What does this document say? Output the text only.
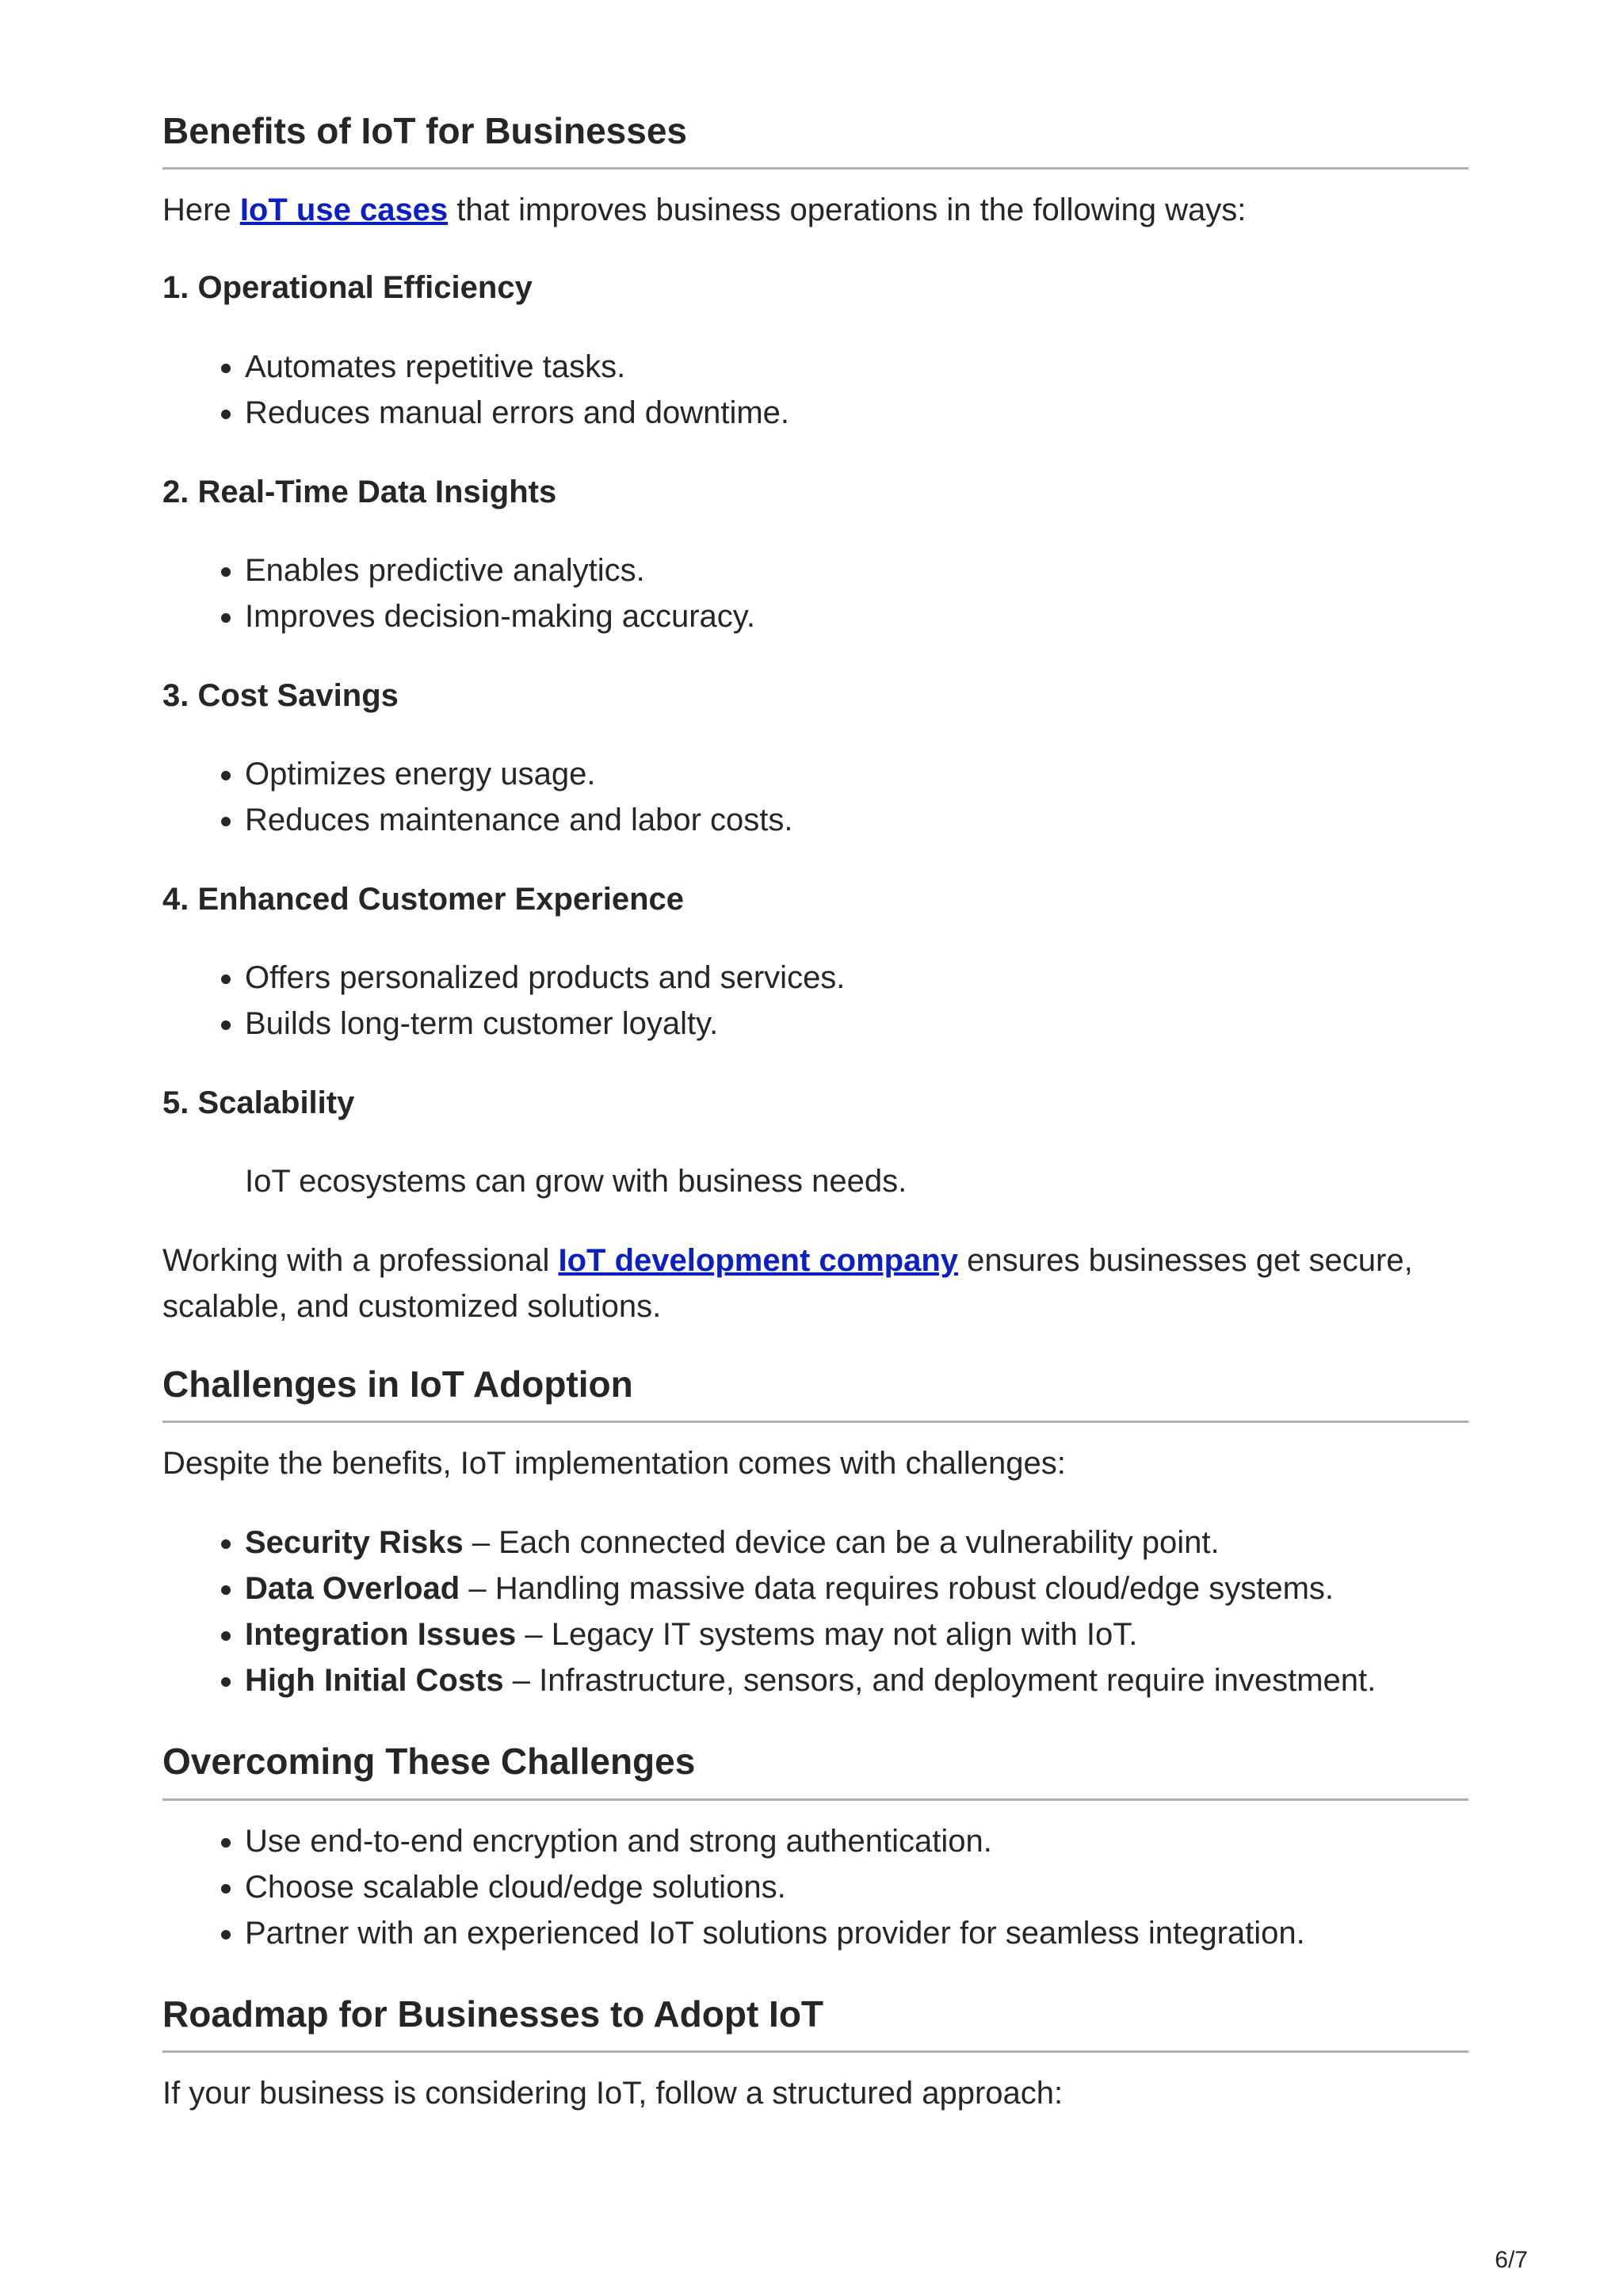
Benefits of IoT for Businesses

Here IoT use cases that improves business operations in the following ways:

1. Operational Efficiency
• Automates repetitive tasks.
• Reduces manual errors and downtime.
2. Real-Time Data Insights
• Enables predictive analytics.
• Improves decision-making accuracy.
3. Cost Savings
• Optimizes energy usage.
• Reduces maintenance and labor costs.
4. Enhanced Customer Experience
• Offers personalized products and services.
• Builds long-term customer loyalty.
5. Scalability

IoT ecosystems can grow with business needs.

Working with a professional IoT development company ensures businesses get secure, scalable, and customized solutions.

Challenges in IoT Adoption

Despite the benefits, IoT implementation comes with challenges:

• Security Risks – Each connected device can be a vulnerability point.
• Data Overload – Handling massive data requires robust cloud/edge systems.
• Integration Issues – Legacy IT systems may not align with IoT.
• High Initial Costs – Infrastructure, sensors, and deployment require investment.
Overcoming These Challenges
• Use end-to-end encryption and strong authentication.
• Choose scalable cloud/edge solutions.
• Partner with an experienced IoT solutions provider for seamless integration.
Roadmap for Businesses to Adopt IoT

If your business is considering IoT, follow a structured approach:

6/7
